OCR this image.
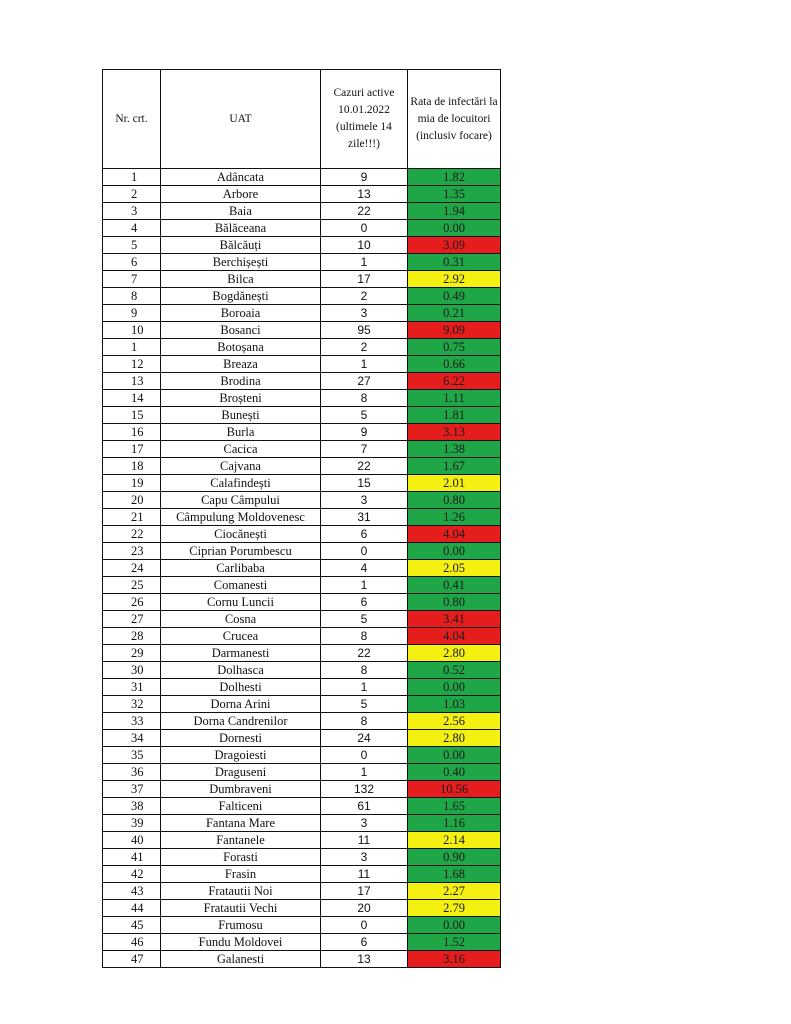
Nr. crt.	UAT	Cazuri active 10.01.2022 (ultimele 14 zile!!!)	Rata de infectări la mia de locuitori (inclusiv focare)
1	Adâncata	9	1.82
2	Arbore	13	1.35
3	Baia	22	1.94
4	Bălăceana	0	0.00
5	Bălcăuți	10	3.09
6	Berchișești	1	0.31
7	Bilca	17	2.92
8	Bogdănești	2	0.49
9	Boroaia	3	0.21
10	Bosanci	95	9.09
1	Botoșana	2	0.75
12	Breaza	1	0.66
13	Brodina	27	6.22
14	Broșteni	8	1.11
15	Bunești	5	1.81
16	Burla	9	3.13
17	Cacica	7	1.38
18	Cajvana	22	1.67
19	Calafindești	15	2.01
20	Capu Câmpului	3	0.80
21	Câmpulung Moldovenesc	31	1.26
22	Ciocănești	6	4.04
23	Ciprian Porumbescu	0	0.00
24	Carlibaba	4	2.05
25	Comanesti	1	0.41
26	Cornu Luncii	6	0.80
27	Cosna	5	3.41
28	Crucea	8	4.04
29	Darmanesti	22	2.80
30	Dolhasca	8	0.52
31	Dolhesti	1	0.00
32	Dorna Arini	5	1.03
33	Dorna Candrenilor	8	2.56
34	Dornesti	24	2.80
35	Dragoiesti	0	0.00
36	Draguseni	1	0.40
37	Dumbraveni	132	10.56
38	Falticeni	61	1.65
39	Fantana Mare	3	1.16
40	Fantanele	11	2.14
41	Forasti	3	0.90
42	Frasin	11	1.68
43	Fratautii Noi	17	2.27
44	Fratautii Vechi	20	2.79
45	Frumosu	0	0.00
46	Fundu Moldovei	6	1.52
47	Galanesti	13	3.16
